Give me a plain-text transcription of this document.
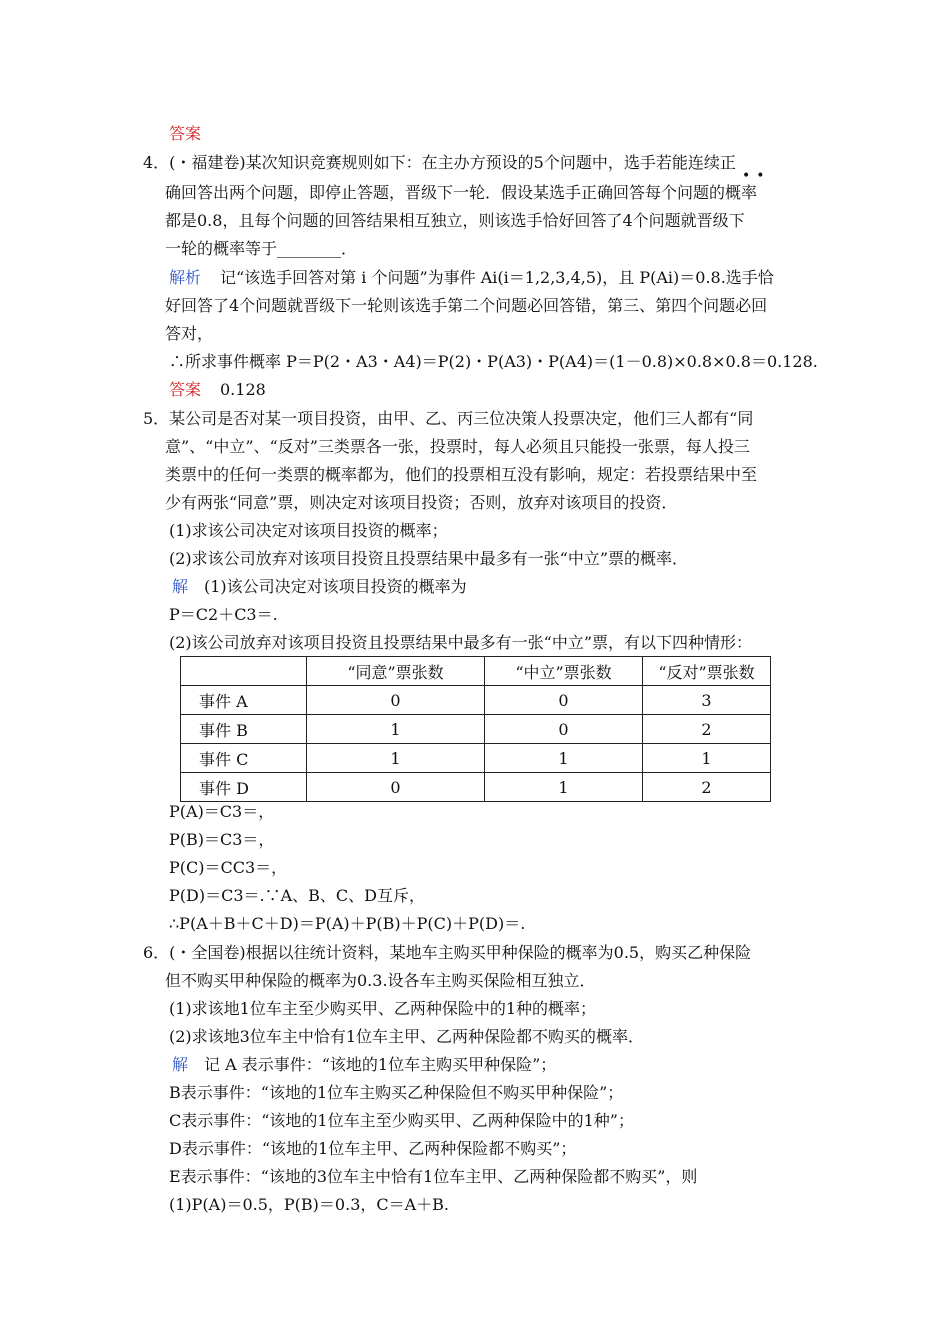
答案
4．(・福建卷)某次知识竞赛规则如下：在主办方预设的5个问题中，选手若能连续正
••
确回答出两个问题，即停止答题，晋级下一轮．假设某选手正确回答每个问题的概率
都是0.8，且每个问题的回答结果相互独立，则该选手恰好回答了4个问题就晋级下
一轮的概率等于________．
解析 记“该选手回答对第 i 个问题”为事件 Ai(i＝1,2,3,4,5)，且 P(Ai)＝0.8.选手恰
好回答了4个问题就晋级下一轮则该选手第二个问题必回答错，第三、第四个问题必回
答对，
∴所求事件概率 P＝P(2・A3・A4)＝P(2)・P(A3)・P(A4)＝(1－0.8)×0.8×0.8＝0.128.
答案 0.128
5．某公司是否对某一项目投资，由甲、乙、丙三位决策人投票决定，他们三人都有“同
意”、“中立”、“反对”三类票各一张，投票时，每人必须且只能投一张票，每人投三
类票中的任何一类票的概率都为，他们的投票相互没有影响，规定：若投票结果中至
少有两张“同意”票，则决定对该项目投资；否则，放弃对该项目的投资．
(1)求该公司决定对该项目投资的概率；
(2)求该公司放弃对该项目投资且投票结果中最多有一张“中立”票的概率．
解 (1)该公司决定对该项目投资的概率为
P＝C2＋C3＝.
(2)该公司放弃对该项目投资且投票结果中最多有一张“中立”票，有以下四种情形：
	“同意”票张数	“中立”票张数	“反对”票张数
事件 A	0	0	3
事件 B	1	0	2
事件 C	1	1	1
事件 D	0	1	2
P(A)＝C3＝，
P(B)＝C3＝，
P(C)＝CC3＝，
P(D)＝C3＝.∵A、B、C、D互斥，
∴P(A＋B＋C＋D)＝P(A)＋P(B)＋P(C)＋P(D)＝.
6．(・全国卷)根据以往统计资料，某地车主购买甲种保险的概率为0.5，购买乙种保险
但不购买甲种保险的概率为0.3.设各车主购买保险相互独立．
(1)求该地1位车主至少购买甲、乙两种保险中的1种的概率；
(2)求该地3位车主中恰有1位车主甲、乙两种保险都不购买的概率．
解 记 A 表示事件：“该地的1位车主购买甲种保险”；
B表示事件：“该地的1位车主购买乙种保险但不购买甲种保险”；
C表示事件：“该地的1位车主至少购买甲、乙两种保险中的1种”；
D表示事件：“该地的1位车主甲、乙两种保险都不购买”；
E表示事件：“该地的3位车主中恰有1位车主甲、乙两种保险都不购买”，则
(1)P(A)＝0.5，P(B)＝0.3，C＝A＋B.
